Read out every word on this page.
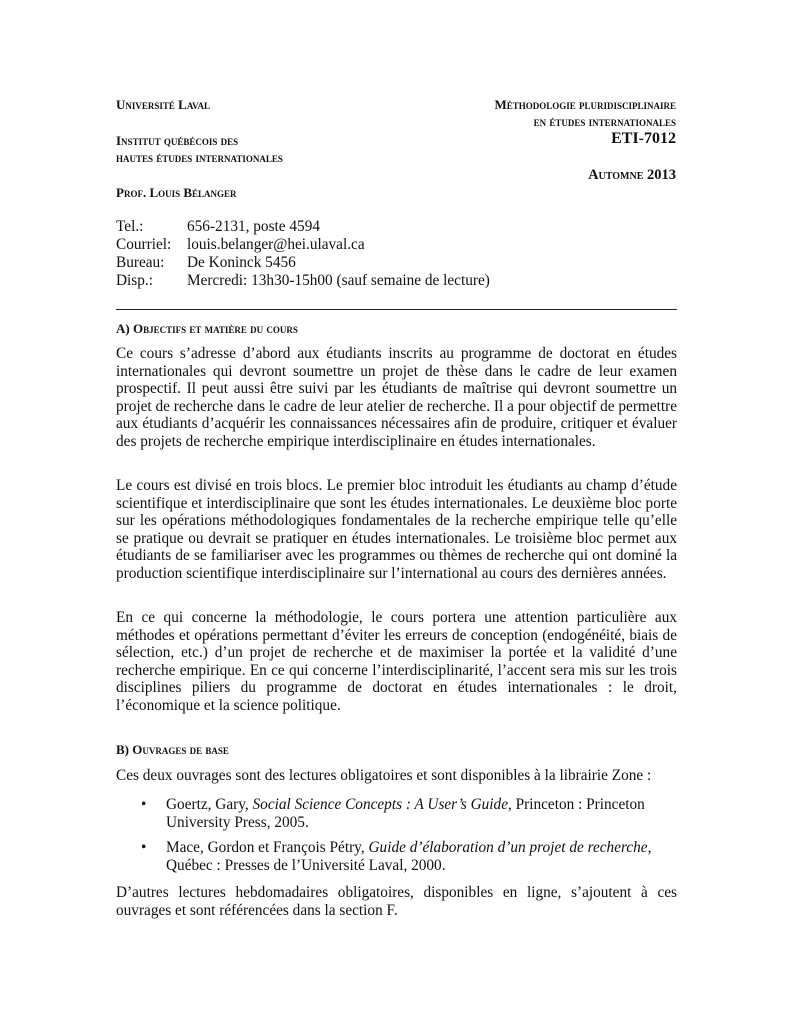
Université Laval
Institut québécois des
hautes études internationales
Prof. Louis Bélanger
Méthodologie pluridisciplinaire
en études internationales
ETI-7012
Automne 2013
Tel.:	656-2131, poste 4594
Courriel:	louis.belanger@hei.ulaval.ca
Bureau:	De Koninck 5456
Disp.:	Mercredi: 13h30-15h00 (sauf semaine de lecture)
A) Objectifs et matière du cours

Ce cours s’adresse d’abord aux étudiants inscrits au programme de doctorat en études internationales qui devront soumettre un projet de thèse dans le cadre de leur examen prospectif. Il peut aussi être suivi par les étudiants de maîtrise qui devront soumettre un projet de recherche dans le cadre de leur atelier de recherche. Il a pour objectif de permettre aux étudiants d’acquérir les connaissances nécessaires afin de produire, critiquer et évaluer des projets de recherche empirique interdisciplinaire en études internationales.

Le cours est divisé en trois blocs. Le premier bloc introduit les étudiants au champ d’étude scientifique et interdisciplinaire que sont les études internationales. Le deuxième bloc porte sur les opérations méthodologiques fondamentales de la recherche empirique telle qu’elle se pratique ou devrait se pratiquer en études internationales. Le troisième bloc permet aux étudiants de se familiariser avec les programmes ou thèmes de recherche qui ont dominé la production scientifique interdisciplinaire sur l’international au cours des dernières années.

En ce qui concerne la méthodologie, le cours portera une attention particulière aux méthodes et opérations permettant d’éviter les erreurs de conception (endogénéité, biais de sélection, etc.) d’un projet de recherche et de maximiser la portée et la validité d’une recherche empirique. En ce qui concerne l’interdisciplinarité, l’accent sera mis sur les trois disciplines piliers du programme de doctorat en études internationales : le droit, l’économique et la science politique.

B) Ouvrages de base

Ces deux ouvrages sont des lectures obligatoires et sont disponibles à la librairie Zone :

•	Goertz, Gary, Social Science Concepts : A User’s Guide, Princeton : Princeton University Press, 2005.
•	Mace, Gordon et François Pétry, Guide d’élaboration d’un projet de recherche, Québec : Presses de l’Université Laval, 2000.

D’autres lectures hebdomadaires obligatoires, disponibles en ligne, s’ajoutent à ces ouvrages et sont référencées dans la section F.
